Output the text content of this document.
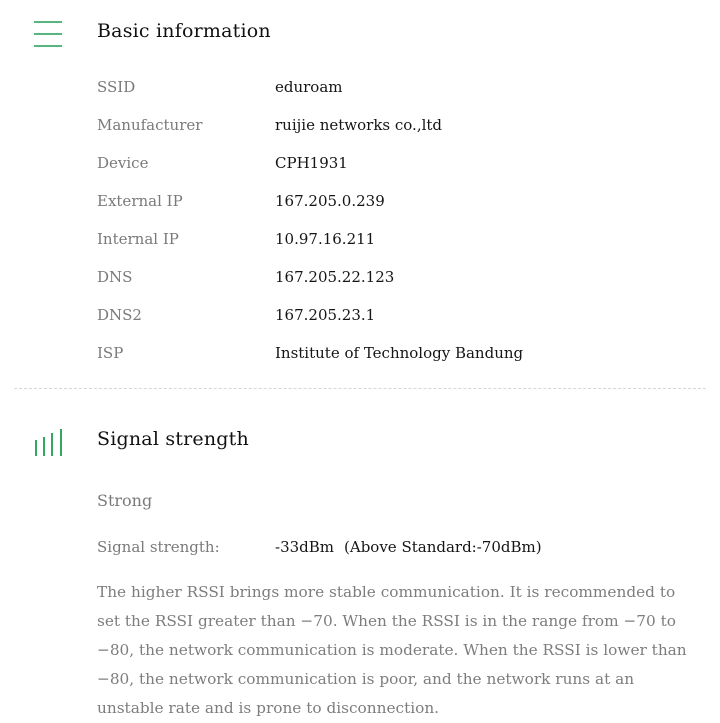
Basic information
SSID	eduroam
Manufacturer	ruijie networks co.,ltd
Device	CPH1931
External IP	167.205.0.239
Internal IP	10.97.16.211
DNS	167.205.22.123
DNS2	167.205.23.1
ISP	Institute of Technology Bandung
Signal strength
Strong
Signal strength:	-33dBm (Above Standard:-70dBm)

The higher RSSI brings more stable communication. It is recommended to set the RSSI greater than −70. When the RSSI is in the range from −70 to −80, the network communication is moderate. When the RSSI is lower than −80, the network communication is poor, and the network runs at an unstable rate and is prone to disconnection.
